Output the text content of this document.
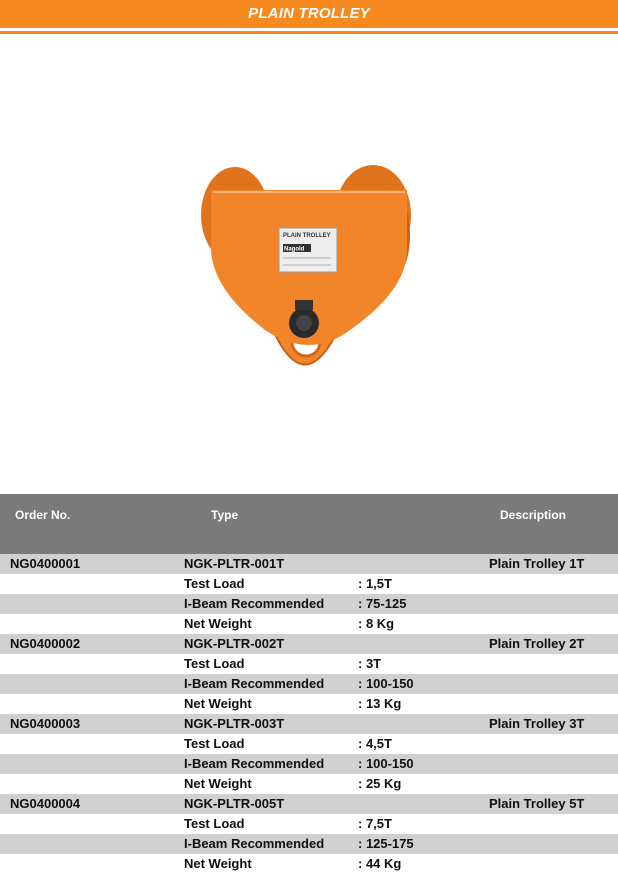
PLAIN TROLLEY
PLAIN TROLLEY
Nagold
Order No.	Type	Description
NG0400001	NGK-PLTR-001T	Plain Trolley 1T
Test Load	: 1,5T
I-Beam Recommended	: 75-125
Net Weight	: 8 Kg
NG0400002	NGK-PLTR-002T	Plain Trolley 2T
Test Load	: 3T
I-Beam Recommended	: 100-150
Net Weight	: 13 Kg
NG0400003	NGK-PLTR-003T	Plain Trolley 3T
Test Load	: 4,5T
I-Beam Recommended	: 100-150
Net Weight	: 25 Kg
NG0400004	NGK-PLTR-005T	Plain Trolley 5T
Test Load	: 7,5T
I-Beam Recommended	: 125-175
Net Weight	: 44 Kg
